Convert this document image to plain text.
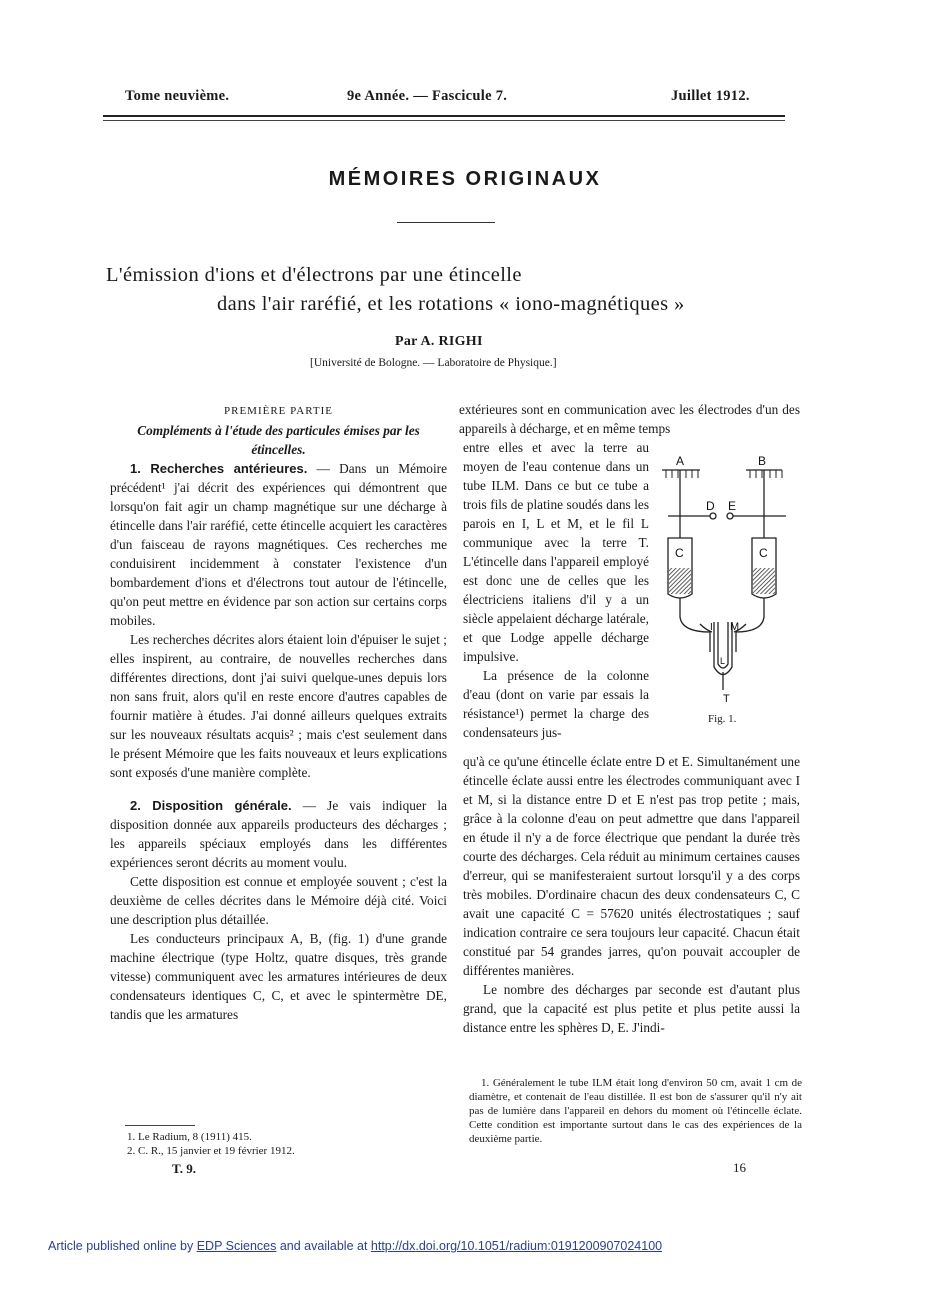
Tome neuvième.	9e Année. — Fascicule 7.	Juillet 1912.
MÉMOIRES ORIGINAUX
L'émission d'ions et d'électrons par une étincelle
dans l'air raréfié, et les rotations « iono-magnétiques »
Par A. RIGHI
[Université de Bologne. — Laboratoire de Physique.]

PREMIÈRE PARTIE

Compléments à l'étude des particules émises par les étincelles.

1. Recherches antérieures. — Dans un Mémoire précédent¹ j'ai décrit des expériences qui démontrent que lorsqu'on fait agir un champ magnétique sur une décharge à étincelle dans l'air raréfié, cette étincelle acquiert les caractères d'un faisceau de rayons magnétiques. Ces recherches me conduisirent incidemment à constater l'existence d'un bombardement d'ions et d'électrons tout autour de l'étincelle, qu'on peut mettre en évidence par son action sur certains corps mobiles.

Les recherches décrites alors étaient loin d'épuiser le sujet ; elles inspirent, au contraire, de nouvelles recherches dans différentes directions, dont j'ai suivi quelque-unes depuis lors non sans fruit, alors qu'il en reste encore d'autres capables de fournir matière à études. J'ai donné ailleurs quelques extraits sur les nouveaux résultats acquis² ; mais c'est seulement dans le présent Mémoire que les faits nouveaux et leurs explications sont exposés d'une manière complète.

2. Disposition générale. — Je vais indiquer la disposition donnée aux appareils producteurs des décharges ; les appareils spéciaux employés dans les différentes expériences seront décrits au moment voulu.

Cette disposition est connue et employée souvent ; c'est la deuxième de celles décrites dans le Mémoire déjà cité. Voici une description plus détaillée.

Les conducteurs principaux A, B, (fig. 1) d'une grande machine électrique (type Holtz, quatre disques, très grande vitesse) communiquent avec les armatures intérieures de deux condensateurs identiques C, C, et avec le spintermètre DE, tandis que les armatures

1. Le Radium, 8 (1911) 415.
2. C. R., 15 janvier et 19 février 1912.
T. 9.

extérieures sont en communication avec les électrodes d'un des appareils à décharge, et en même temps

entre elles et avec la terre au moyen de l'eau contenue dans un tube ILM. Dans ce but ce tube a trois fils de platine soudés dans les parois en I, L et M, et le fil L communique avec la terre T. L'étincelle dans l'appareil employé est donc une de celles que les électriciens italiens d'il y a un siècle appelaient décharge latérale, et que Lodge appelle décharge impulsive.

La présence de la colonne d'eau (dont on varie par essais la résistance¹) permet la charge des condensateurs jus-

qu'à ce qu'une étincelle éclate entre D et E. Simultanément une étincelle éclate aussi entre les électrodes communiquant avec I et M, si la distance entre D et E n'est pas trop petite ; mais, grâce à la colonne d'eau on peut admettre que dans l'appareil en étude il n'y a de force électrique que pendant la durée très courte des décharges. Cela réduit au minimum certaines causes d'erreur, qui se manifesteraient surtout lorsqu'il y a des corps très mobiles. D'ordinaire chacun des deux condensateurs C, C avait une capacité C = 57620 unités électrostatiques ; sauf indication contraire ce sera toujours leur capacité. Chacun était constitué par 54 grandes jarres, qu'on pouvait accoupler de différentes manières.

Le nombre des décharges par seconde est d'autant plus grand, que la capacité est plus petite et plus petite aussi la distance entre les sphères D, E. J'indi-

1. Généralement le tube ILM était long d'environ 50 cm, avait 1 cm de diamètre, et contenait de l'eau distillée. Il est bon de s'assurer qu'il n'y ait pas de lumière dans l'appareil en dehors du moment où l'étincelle éclate. Cette condition est importante surtout dans le cas des expériences de la deuxième partie.
16
A	B
D E
C	C
I M
L
T
Fig. 1.
Article published online by EDP Sciences and available at http://dx.doi.org/10.1051/radium:0191200907024100
